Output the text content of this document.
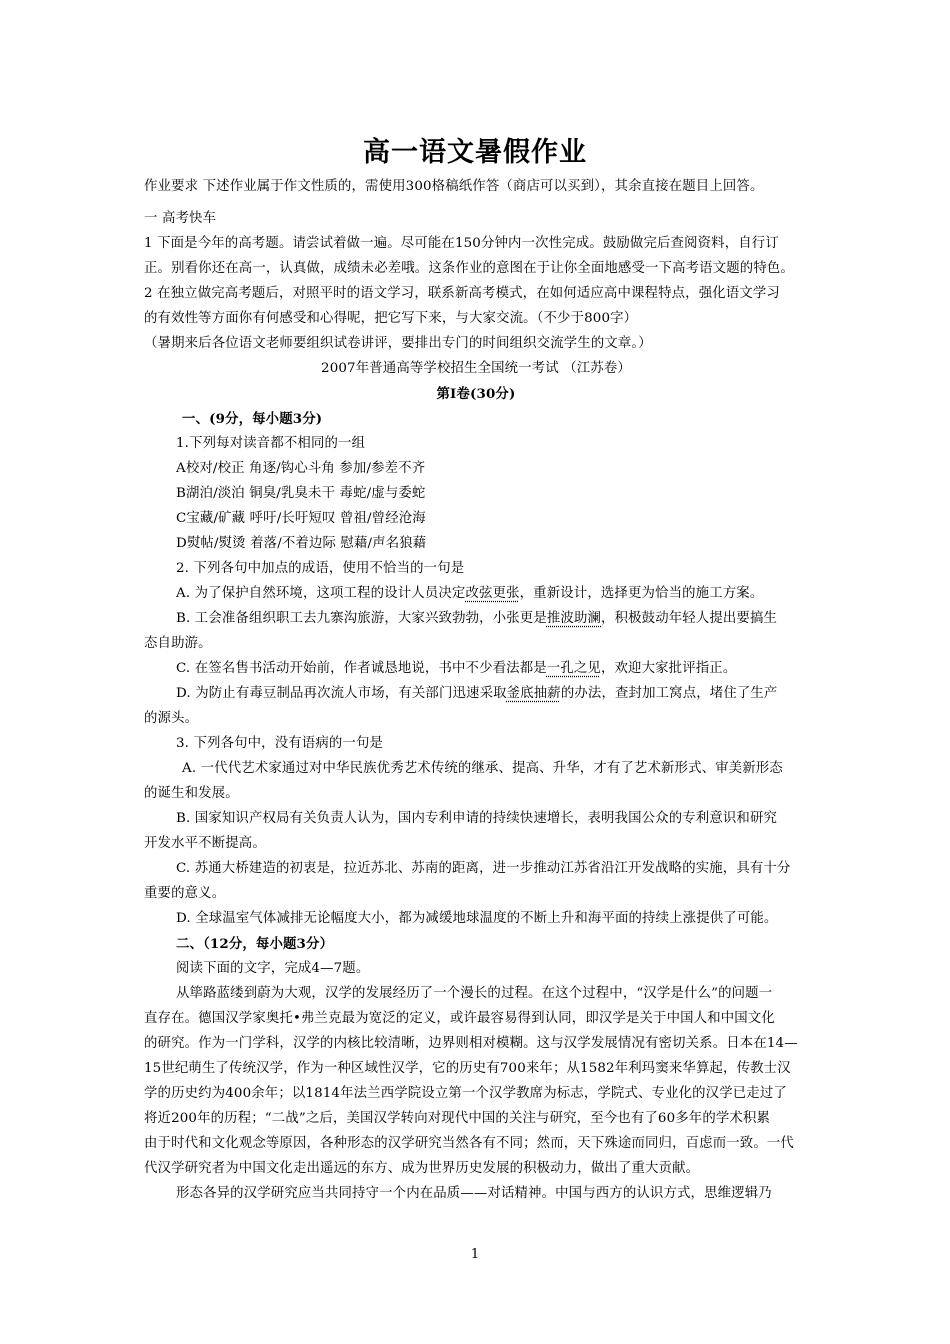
高一语文暑假作业
作业要求 下述作业属于作文性质的，需使用300格稿纸作答（商店可以买到），其余直接在题目上回答。
一 高考快车
1 下面是今年的高考题。请尝试着做一遍。尽可能在150分钟内一次性完成。鼓励做完后查阅资料，自行订
正。别看你还在高一，认真做，成绩未必差哦。这条作业的意图在于让你全面地感受一下高考语文题的特色。
2 在独立做完高考题后，对照平时的语文学习，联系新高考模式，在如何适应高中课程特点，强化语文学习
的有效性等方面你有何感受和心得呢，把它写下来，与大家交流。（不少于800字）
（暑期来后各位语文老师要组织试卷讲评，要排出专门的时间组织交流学生的文章。）
2007年普通高等学校招生全国统一考试 （江苏卷）
第Ⅰ卷(30分)
一、(9分，每小题3分)
1.下列每对读音都不相同的一组
A校对/校正 角逐/钩心斗角 参加/参差不齐
B湖泊/淡泊 铜臭/乳臭未干 毒蛇/虚与委蛇
C宝藏/矿藏 呼吁/长吁短叹 曾祖/曾经沧海
D熨帖/熨烫 着落/不着边际 慰藉/声名狼藉
2. 下列各句中加点的成语，使用不恰当的一句是
A. 为了保护自然环境，这项工程的设计人员决定改弦更张，重新设计，选择更为恰当的施工方案。
B. 工会准备组织职工去九寨沟旅游，大家兴致勃勃，小张更是推波助澜，积极鼓动年轻人提出要搞生
态自助游。
C. 在签名售书活动开始前，作者诚恳地说，书中不少看法都是一孔之见，欢迎大家批评指正。
D. 为防止有毒豆制品再次流人市场，有关部门迅速采取釜底抽薪的办法，查封加工窝点，堵住了生产
的源头。
3. 下列各句中，没有语病的一句是
A. 一代代艺术家通过对中华民族优秀艺术传统的继承、提高、升华，才有了艺术新形式、审美新形态
的诞生和发展。
B. 国家知识产权局有关负责人认为，国内专利申请的持续快速增长，表明我国公众的专利意识和研究
开发水平不断提高。
C. 苏通大桥建造的初衷是，拉近苏北、苏南的距离，进一步推动江苏省沿江开发战略的实施，具有十分
重要的意义。
D. 全球温室气体减排无论幅度大小，都为减缓地球温度的不断上升和海平面的持续上涨提供了可能。
二、（12分，每小题3分）
阅读下面的文字，完成4—7题。
从筚路蓝缕到蔚为大观，汉学的发展经历了一个漫长的过程。在这个过程中，“汉学是什么”的问题一
直存在。德国汉学家奥托•弗兰克最为宽泛的定义，或许最容易得到认同，即汉学是关于中国人和中国文化
的研究。作为一门学科，汉学的内核比较清晰，边界则相对模糊。这与汉学发展情况有密切关系。日本在14—
15世纪萌生了传统汉学，作为一种区域性汉学，它的历史有700来年；从1582年利玛窦来华算起，传教士汉
学的历史约为400余年；以1814年法兰西学院设立第一个汉学教席为标志，学院式、专业化的汉学已走过了
将近200年的历程；“二战”之后，美国汉学转向对现代中国的关注与研究，至今也有了60多年的学术积累
由于时代和文化观念等原因，各种形态的汉学研究当然各有不同；然而，天下殊途而同归，百虑而一致。一代
代汉学研究者为中国文化走出遥远的东方、成为世界历史发展的积极动力，做出了重大贡献。
形态各异的汉学研究应当共同持守一个内在品质——对话精神。中国与西方的认识方式，思维逻辑乃
1
